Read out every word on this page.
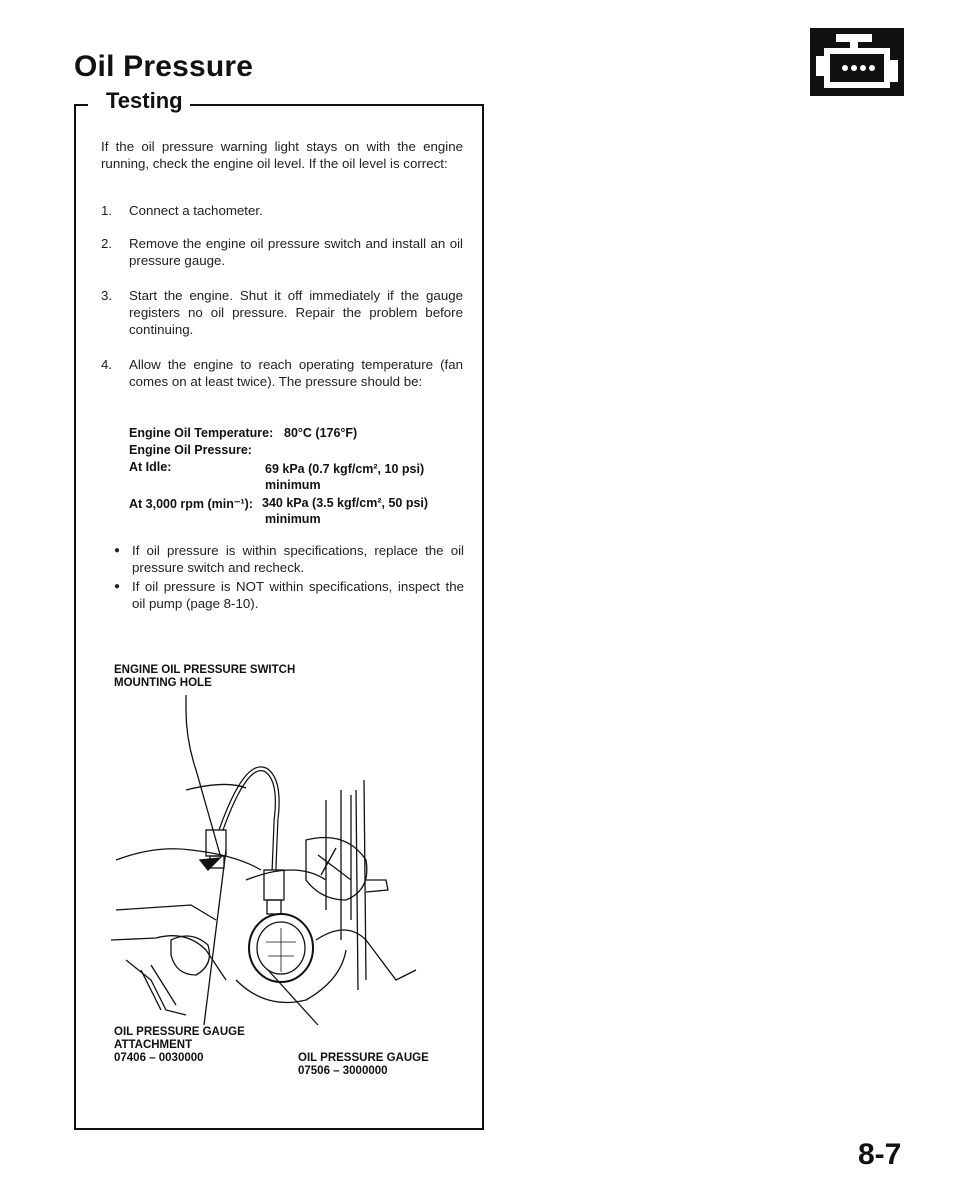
Oil Pressure
Testing

If the oil pressure warning light stays on with the engine running, check the engine oil level. If the oil level is correct:

1. Connect a tachometer.
2. Remove the engine oil pressure switch and install an oil pressure gauge.
3. Start the engine. Shut it off immediately if the gauge registers no oil pressure. Repair the problem before continuing.
4. Allow the engine to reach operating temperature (fan comes on at least twice). The pressure should be:
Engine Oil Temperature: 80°C (176°F)
Engine Oil Pressure:
At Idle:	69 kPa (0.7 kgf/cm², 10 psi)
minimum
At 3,000 rpm (min⁻¹): 340 kPa (3.5 kgf/cm², 50 psi)
minimum
● If oil pressure is within specifications, replace the oil pressure switch and recheck.
● If oil pressure is NOT within specifications, inspect the oil pump (page 8-10).
ENGINE OIL PRESSURE SWITCH
MOUNTING HOLE
OIL PRESSURE GAUGE
ATTACHMENT
07406 – 0030000	OIL PRESSURE GAUGE
07506 – 3000000
8-7
